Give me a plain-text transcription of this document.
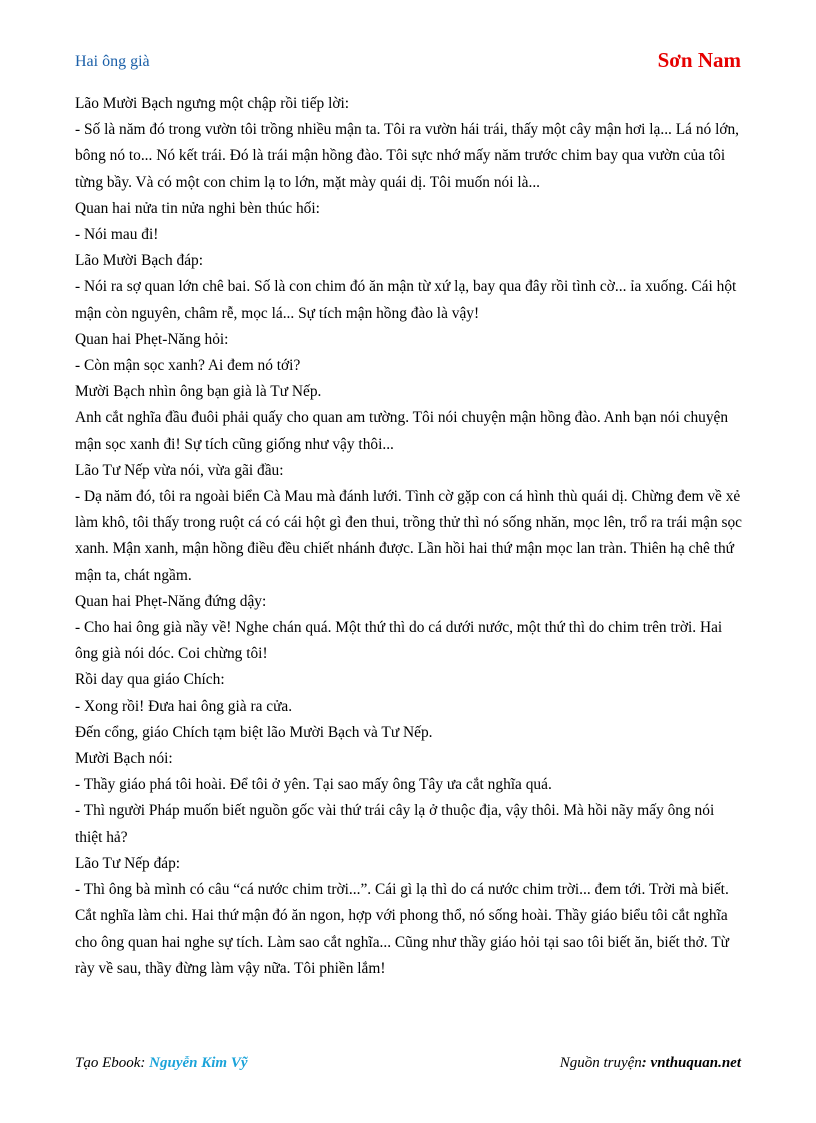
Hai ông già	Sơn Nam

Lão Mười Bạch ngưng một chập rồi tiếp lời:

- Số là năm đó trong vườn tôi trồng nhiều mận ta. Tôi ra vườn hái trái, thấy một cây mận hơi lạ... Lá nó lớn, bông nó to... Nó kết trái. Đó là trái mận hồng đào. Tôi sực nhớ mấy năm trước chim bay qua vườn của tôi từng bầy. Và có một con chim lạ to lớn, mặt mày quái dị. Tôi muốn nói là...

Quan hai nửa tin nửa nghi bèn thúc hối:

- Nói mau đi!

Lão Mười Bạch đáp:

- Nói ra sợ quan lớn chê bai. Số là con chim đó ăn mận từ xứ lạ, bay qua đây rồi tình cờ... ỉa xuống. Cái hột mận còn nguyên, châm rễ, mọc lá... Sự tích mận hồng đào là vậy!

Quan hai Phẹt-Năng hỏi:

- Còn mận sọc xanh? Ai đem nó tới?

Mười Bạch nhìn ông bạn già là Tư Nếp.

Anh cắt nghĩa đầu đuôi phải quấy cho quan am tường. Tôi nói chuyện mận hồng đào. Anh bạn nói chuyện mận sọc xanh đi! Sự tích cũng giống như vậy thôi...

Lão Tư Nếp vừa nói, vừa gãi đầu:

- Dạ năm đó, tôi ra ngoài biển Cà Mau mà đánh lưới. Tình cờ gặp con cá hình thù quái dị. Chừng đem về xẻ làm khô, tôi thấy trong ruột cá có cái hột gì đen thui, trồng thử thì nó sống nhăn, mọc lên, trổ ra trái mận sọc xanh. Mận xanh, mận hồng điều đều chiết nhánh được. Lần hồi hai thứ mận mọc lan tràn. Thiên hạ chê thứ mận ta, chát ngầm.

Quan hai Phẹt-Năng đứng dậy:

- Cho hai ông già nầy về! Nghe chán quá. Một thứ thì do cá dưới nước, một thứ thì do chim trên trời. Hai ông già nói dóc. Coi chừng tôi!

Rồi day qua giáo Chích:

- Xong rồi! Đưa hai ông già ra cửa.

Đến cổng, giáo Chích tạm biệt lão Mười Bạch và Tư Nếp.

Mười Bạch nói:

- Thầy giáo phá tôi hoài. Để tôi ở yên. Tại sao mấy ông Tây ưa cắt nghĩa quá.

- Thì người Pháp muốn biết nguồn gốc vài thứ trái cây lạ ở thuộc địa, vậy thôi. Mà hồi nãy mấy ông nói thiệt hả?

Lão Tư Nếp đáp:

- Thì ông bà mình có câu “cá nước chim trời...”. Cái gì lạ thì do cá nước chim trời... đem tới. Trời mà biết. Cắt nghĩa làm chi. Hai thứ mận đó ăn ngon, hợp với phong thổ, nó sống hoài. Thầy giáo biểu tôi cắt nghĩa cho ông quan hai nghe sự tích. Làm sao cắt nghĩa... Cũng như thầy giáo hỏi tại sao tôi biết ăn, biết thở. Từ rày về sau, thầy đừng làm vậy nữa. Tôi phiền lắm!

Tạo Ebook: Nguyễn Kim Vỹ	Nguồn truyện: vnthuquan.net
